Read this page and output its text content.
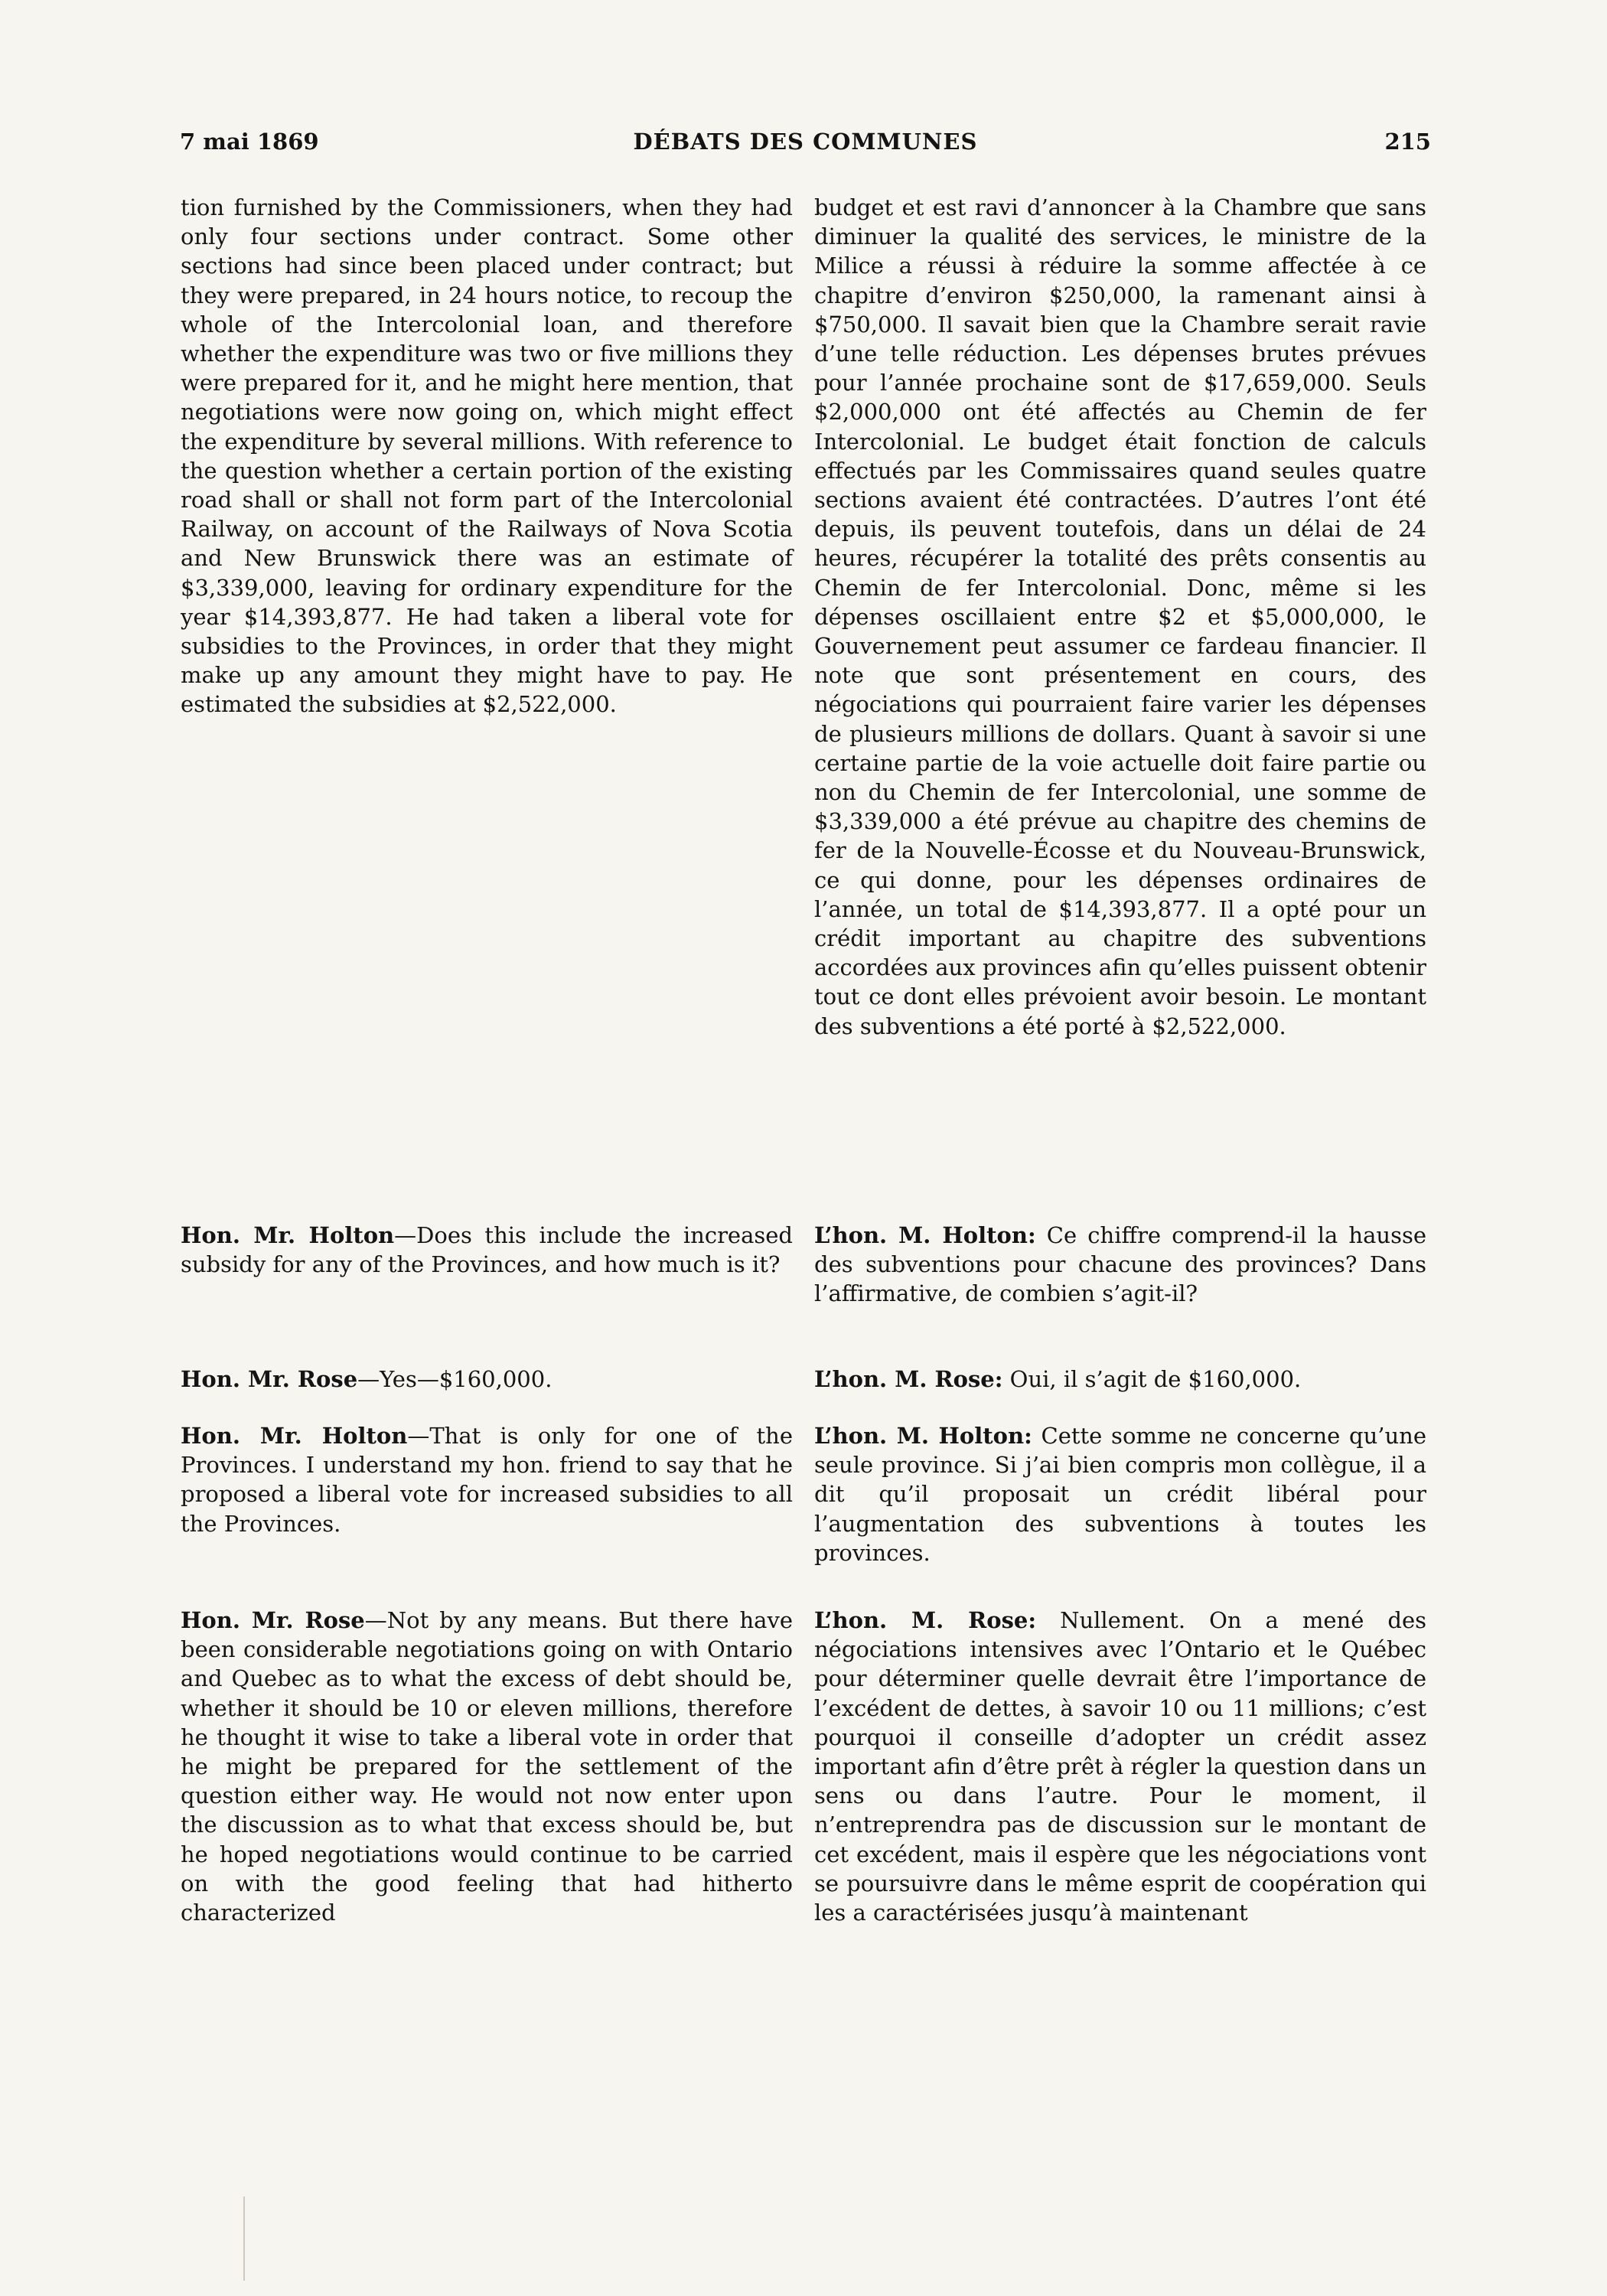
7 mai 1869	DÉBATS DES COMMUNES	215

tion furnished by the Commissioners, when they had only four sections under contract. Some other sections had since been placed under contract; but they were prepared, in 24 hours notice, to recoup the whole of the Intercolonial loan, and therefore whether the expenditure was two or five millions they were prepared for it, and he might here mention, that negotiations were now going on, which might effect the expenditure by several millions. With reference to the question whether a certain portion of the existing road shall or shall not form part of the Intercolonial Railway, on account of the Railways of Nova Scotia and New Brunswick there was an estimate of $3,339,000, leaving for ordinary expenditure for the year $14,393,877. He had taken a liberal vote for subsidies to the Provinces, in order that they might make up any amount they might have to pay. He estimated the subsidies at $2,522,000.

Hon. Mr. Holton—Does this include the increased subsidy for any of the Provinces, and how much is it?

Hon. Mr. Rose—Yes—$160,000.

Hon. Mr. Holton—That is only for one of the Provinces. I understand my hon. friend to say that he proposed a liberal vote for increased subsidies to all the Provinces.

Hon. Mr. Rose—Not by any means. But there have been considerable negotiations going on with Ontario and Quebec as to what the excess of debt should be, whether it should be 10 or eleven millions, therefore he thought it wise to take a liberal vote in order that he might be prepared for the settlement of the question either way. He would not now enter upon the discussion as to what that excess should be, but he hoped negotiations would continue to be carried on with the good feeling that had hitherto characterized

budget et est ravi d’annoncer à la Chambre que sans diminuer la qualité des services, le ministre de la Milice a réussi à réduire la somme affectée à ce chapitre d’environ $250,000, la ramenant ainsi à $750,000. Il savait bien que la Chambre serait ravie d’une telle réduction. Les dépenses brutes prévues pour l’année prochaine sont de $17,659,000. Seuls $2,000,000 ont été affectés au Chemin de fer Intercolonial. Le budget était fonction de calculs effectués par les Commissaires quand seules quatre sections avaient été contractées. D’autres l’ont été depuis, ils peuvent toutefois, dans un délai de 24 heures, récupérer la totalité des prêts consentis au Chemin de fer Intercolonial. Donc, même si les dépenses oscillaient entre $2 et $5,000,000, le Gouvernement peut assumer ce fardeau financier. Il note que sont présentement en cours, des négociations qui pourraient faire varier les dépenses de plusieurs millions de dollars. Quant à savoir si une certaine partie de la voie actuelle doit faire partie ou non du Chemin de fer Intercolonial, une somme de $3,339,000 a été prévue au chapitre des chemins de fer de la Nouvelle-Écosse et du Nouveau-Brunswick, ce qui donne, pour les dépenses ordinaires de l’année, un total de $14,393,877. Il a opté pour un crédit important au chapitre des subventions accordées aux provinces afin qu’elles puissent obtenir tout ce dont elles prévoient avoir besoin. Le montant des subventions a été porté à $2,522,000.

L’hon. M. Holton: Ce chiffre comprend-il la hausse des subventions pour chacune des provinces? Dans l’affirmative, de combien s’agit-il?

L’hon. M. Rose: Oui, il s’agit de $160,000.

L’hon. M. Holton: Cette somme ne concerne qu’une seule province. Si j’ai bien compris mon collègue, il a dit qu’il proposait un crédit libéral pour l’augmentation des subventions à toutes les provinces.

L’hon. M. Rose: Nullement. On a mené des négociations intensives avec l’Ontario et le Québec pour déterminer quelle devrait être l’importance de l’excédent de dettes, à savoir 10 ou 11 millions; c’est pourquoi il conseille d’adopter un crédit assez important afin d’être prêt à régler la question dans un sens ou dans l’autre. Pour le moment, il n’entreprendra pas de discussion sur le montant de cet excédent, mais il espère que les négociations vont se poursuivre dans le même esprit de coopération qui les a caractérisées jusqu’à maintenant
